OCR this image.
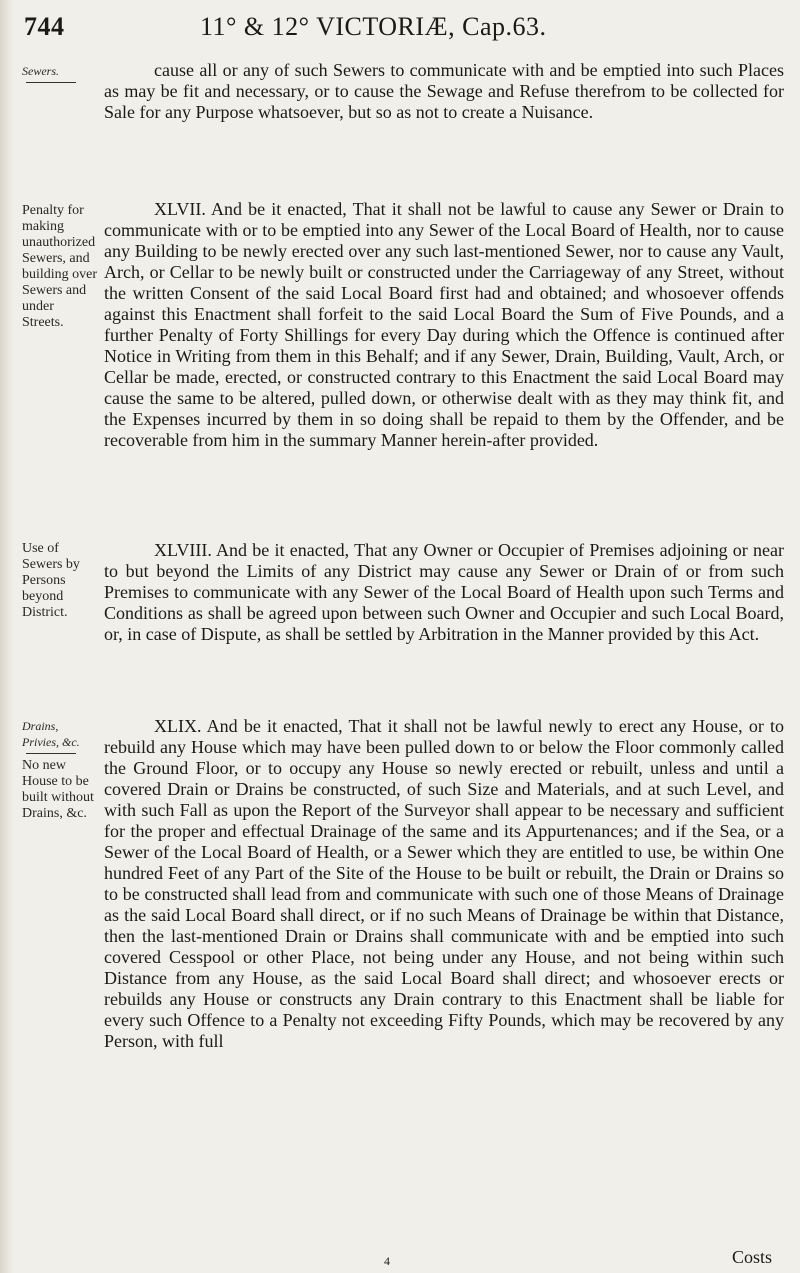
744	11° & 12° VICTORIÆ, Cap.63.
Sewers.
Penalty for making unauthorized Sewers, and building over Sewers and under Streets.
Use of Sewers by Persons beyond District.
Drains, Privies, &c.
No new House to be built without Drains, &c.

cause all or any of such Sewers to communicate with and be emptied into such Places as may be fit and necessary, or to cause the Sewage and Refuse therefrom to be collected for Sale for any Purpose whatsoever, but so as not to create a Nuisance.

XLVII. And be it enacted, That it shall not be lawful to cause any Sewer or Drain to communicate with or to be emptied into any Sewer of the Local Board of Health, nor to cause any Building to be newly erected over any such last-mentioned Sewer, nor to cause any Vault, Arch, or Cellar to be newly built or constructed under the Carriageway of any Street, without the written Consent of the said Local Board first had and obtained; and whosoever offends against this Enactment shall forfeit to the said Local Board the Sum of Five Pounds, and a further Penalty of Forty Shillings for every Day during which the Offence is continued after Notice in Writing from them in this Behalf; and if any Sewer, Drain, Building, Vault, Arch, or Cellar be made, erected, or constructed contrary to this Enactment the said Local Board may cause the same to be altered, pulled down, or otherwise dealt with as they may think fit, and the Expenses incurred by them in so doing shall be repaid to them by the Offender, and be recoverable from him in the summary Manner herein-after provided.

XLVIII. And be it enacted, That any Owner or Occupier of Premises adjoining or near to but beyond the Limits of any District may cause any Sewer or Drain of or from such Premises to communicate with any Sewer of the Local Board of Health upon such Terms and Conditions as shall be agreed upon between such Owner and Occupier and such Local Board, or, in case of Dispute, as shall be settled by Arbitration in the Manner provided by this Act.

XLIX. And be it enacted, That it shall not be lawful newly to erect any House, or to rebuild any House which may have been pulled down to or below the Floor commonly called the Ground Floor, or to occupy any House so newly erected or rebuilt, unless and until a covered Drain or Drains be constructed, of such Size and Materials, and at such Level, and with such Fall as upon the Report of the Surveyor shall appear to be necessary and sufficient for the proper and effectual Drainage of the same and its Appurtenances; and if the Sea, or a Sewer of the Local Board of Health, or a Sewer which they are entitled to use, be within One hundred Feet of any Part of the Site of the House to be built or rebuilt, the Drain or Drains so to be constructed shall lead from and communicate with such one of those Means of Drainage as the said Local Board shall direct, or if no such Means of Drainage be within that Distance, then the last-mentioned Drain or Drains shall communicate with and be emptied into such covered Cesspool or other Place, not being under any House, and not being within such Distance from any House, as the said Local Board shall direct; and whosoever erects or rebuilds any House or constructs any Drain contrary to this Enactment shall be liable for every such Offence to a Penalty not exceeding Fifty Pounds, which may be recovered by any Person, with full

Costs
4
